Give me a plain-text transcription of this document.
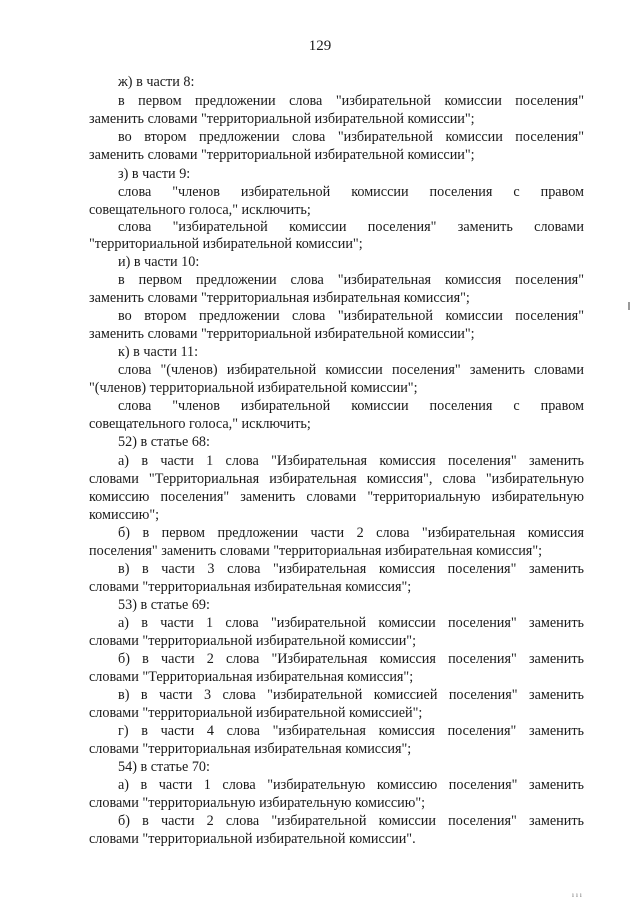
129
ж) в части 8:
в первом предложении слова "избирательной комиссии поселения"
заменить словами "территориальной избирательной комиссии";
во втором предложении слова "избирательной комиссии поселения"
заменить словами "территориальной избирательной комиссии";
з) в части 9:
слова "членов избирательной комиссии поселения с правом
совещательного голоса," исключить;
слова "избирательной комиссии поселения" заменить словами
"территориальной избирательной комиссии";
и) в части 10:
в первом предложении слова "избирательная комиссия поселения"
заменить словами "территориальная избирательная комиссия";
во втором предложении слова "избирательной комиссии поселения"
заменить словами "территориальной избирательной комиссии";
к) в части 11:
слова "(членов) избирательной комиссии поселения" заменить словами
"(членов) территориальной избирательной комиссии";
слова "членов избирательной комиссии поселения с правом
совещательного голоса," исключить;
52) в статье 68:
а) в части 1 слова "Избирательная комиссия поселения" заменить
словами "Территориальная избирательная комиссия", слова "избирательную
комиссию поселения" заменить словами "территориальную избирательную
комиссию";
б) в первом предложении части 2 слова "избирательная комиссия
поселения" заменить словами "территориальная избирательная комиссия";
в) в части 3 слова "избирательная комиссия поселения" заменить
словами "территориальная избирательная комиссия";
53) в статье 69:
а) в части 1 слова "избирательной комиссии поселения" заменить
словами "территориальной избирательной комиссии";
б) в части 2 слова "Избирательная комиссия поселения" заменить
словами "Территориальная избирательная комиссия";
в) в части 3 слова "избирательной комиссией поселения" заменить
словами "территориальной избирательной комиссией";
г) в части 4 слова "избирательная комиссия поселения" заменить
словами "территориальная избирательная комиссия";
54) в статье 70:
а) в части 1 слова "избирательную комиссию поселения" заменить
словами "территориальную избирательную комиссию";
б) в части 2 слова "избирательной комиссии поселения" заменить
словами "территориальной избирательной комиссии".
ııı
